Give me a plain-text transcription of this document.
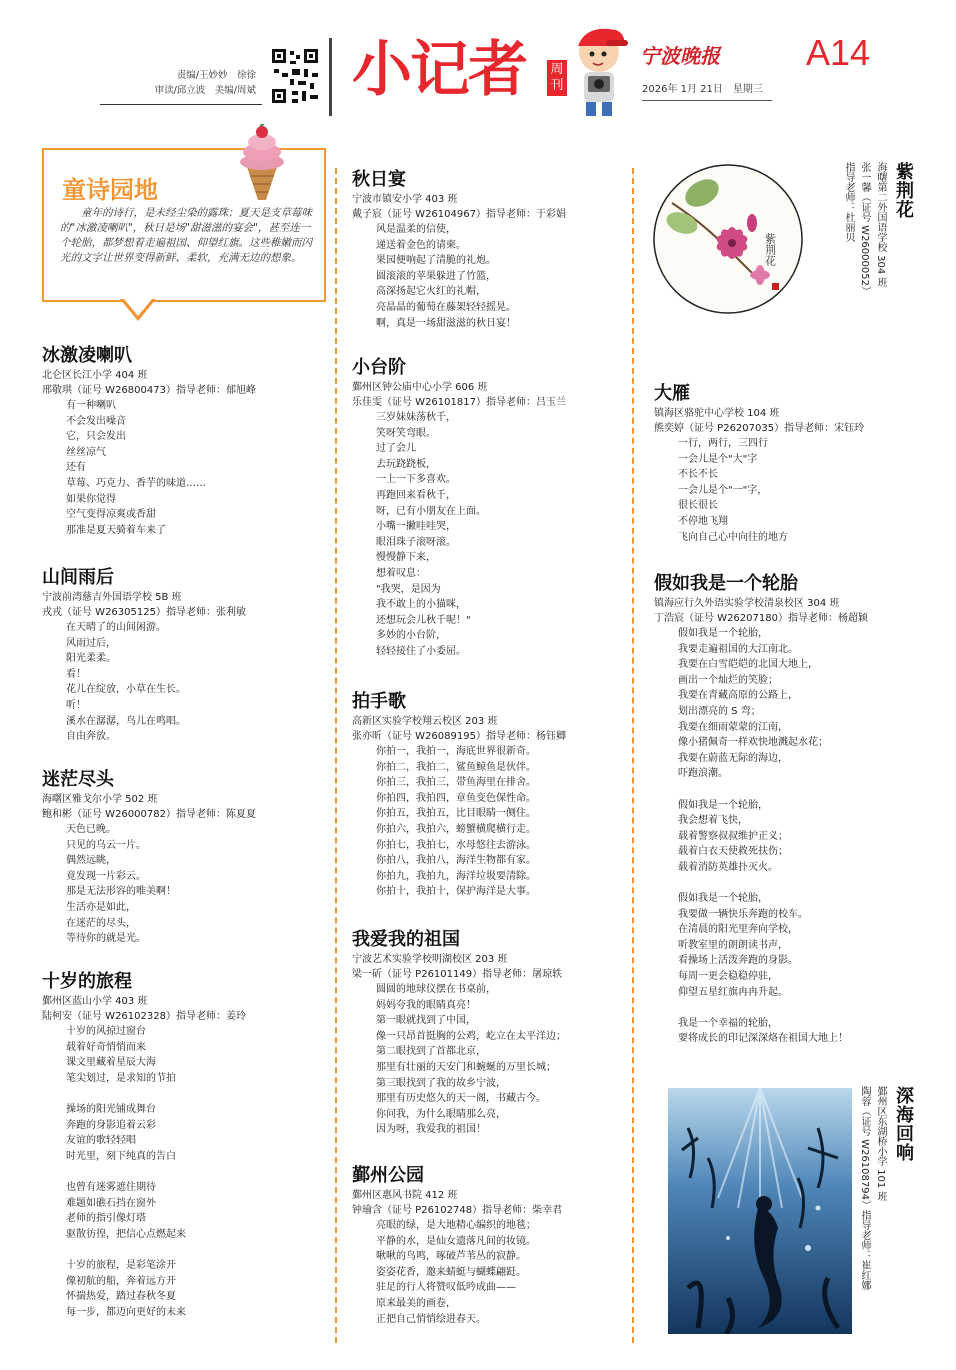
责编/王妙妙　徐徐
审读/邱立波　美编/周斌 小记者 周刊
宁波晚报 A14
2026年 1月 21日　星期三
童诗园地
童年的诗行，是未经尘染的露珠；夏天是支草莓味的"冰激凌喇叭"，秋日是场"甜滋滋的宴会"，甚至连一个轮胎，都梦想着走遍祖国、仰望红旗。这些稚嫩而闪光的文字让世界变得新鲜、柔软，充满无边的想象。
冰激凌喇叭
北仑区长江小学 404 班
邢敬琪（证号 W26800473）指导老师：郁旭峰
有一种喇叭
不会发出噪音
它，只会发出
丝丝凉气
还有
草莓、巧克力、香芋的味道……
如果你觉得
空气变得凉爽或香甜
那准是夏天骑着车来了
山间雨后
宁波前湾慈吉外国语学校 5B 班
戎戎（证号 W26305125）指导老师：张利敏
在天晴了的山间闲游。
风雨过后，
阳光柔柔。
看！
花儿在绽放，小草在生长。
听！
溪水在潺潺，鸟儿在鸣唱。
自由奔放。
迷茫尽头
海曙区雅戈尔小学 502 班
鲍和彬（证号 W26000782）指导老师：陈夏夏
天色已晚。
只见的乌云一片。
偶然远眺，
竟发现一片彩云。
那是无法形容的唯美啊！
生活亦是如此，
在迷茫的尽头，
等待你的就是光。
十岁的旅程
鄞州区蓝山小学 403 班
陆柯安（证号 W26102328）指导老师：姜玲
十岁的风掠过窗台
载着好奇悄悄而来
课文里藏着星辰大海
笔尖划过，是求知的节拍
操场的阳光铺成舞台
奔跑的身影追着云彩
友谊的歌轻轻唱
时光里，刻下纯真的告白
也曾有迷雾遮住期待
难题如礁石挡在窗外
老师的指引像灯塔
驱散彷徨，把信心点燃起来
十岁的旅程，是彩笔涂开
像初航的船，奔着远方开
怀揣热爱，踏过春秋冬夏
每一步，都迈向更好的未来
秋日宴
宁波市镇安小学 403 班
戴子宸（证号 W26104967）指导老师：于彩娟
风是温柔的信使，
递送着金色的请柬。
果园便响起了清脆的礼炮。
圆滚滚的苹果躲进了竹篮，
高深扬起它火红的礼帽，
亮晶晶的葡萄在藤架轻轻摇晃。
啊，真是一场甜滋滋的秋日宴！
小台阶
鄞州区钟公庙中心小学 606 班
乐佳雯（证号 W26101817）指导老师：吕玉兰
三岁妹妹荡秋千，
笑呀笑弯眼。
过了会儿
去玩跷跷板，
一上一下多喜欢。
再跑回来看秋千，
呀，已有小朋友在上面。
小嘴一撇哇哇哭，
眼泪珠子滚呀滚。
慢慢静下来，
想着叹息：
"我哭，是因为
我不敢上的小猫咪，
还想玩会儿秋千呢！"
多妙的小台阶，
轻轻接住了小委屈。
拍手歌
高新区实验学校翔云校区 203 班
张亦昕（证号 W26089195）指导老师：杨钰卿
你拍一，我拍一，海底世界很新奇。
你拍二，我拍二，鲨鱼鲸鱼是伙伴。
你拍三，我拍三，带鱼海里在排舍。
你拍四，我拍四，章鱼变色保性命。
你拍五，我拍五，比目眼睛一侧住。
你拍六，我拍六，螃蟹横爬横行走。
你拍七，我拍七，水母悠往去游泳。
你拍八，我拍八，海洋生物都有家。
你拍九，我拍九，海洋垃圾要清除。
你拍十，我拍十，保护海洋是大事。
我爱我的祖国
宁波艺术实验学校明湖校区 203 班
梁一斫（证号 P26101149）指导老师：屠琼轶
圆圆的地球仪摆在书桌前，
妈妈夸我的眼睛真亮！
第一眼就找到了中国，
像一只昂首挺胸的公鸡，屹立在太平洋边；
第二眼找到了首都北京，
那里有壮丽的天安门和蜿蜒的万里长城；
第三眼找到了我的故乡宁波，
那里有历史悠久的天一阁，书藏古今。
你问我，为什么眼睛那么亮，
因为呀，我爱我的祖国！
鄞州公园
鄞州区惠风书院 412 班
钟瑜含（证号 P26102748）指导老师：柴幸君
亮眼的绿，是大地精心编织的地毯；
平静的水，是仙女遗落凡间的妆镜。
啾啾的鸟鸣，啄破芦苇丛的寂静。
姿姿花香，邀来蜻蜓与蝴蝶翩跹。
驻足的行人将赞叹低吟成曲——
原来最美的画卷，
正把自己悄悄绘进春天。
大雁
镇海区骆驼中心学校 104 班
熊奕婷（证号 P26207035）指导老师：宋钰玲
一行，两行，三四行
一会儿是个"大"字
不长不长
一会儿是个"一"字，
很长很长
不停地飞翔
飞向自己心中向往的地方
假如我是一个轮胎
镇海应行久外语实验学校清泉校区 304 班
丁浩宸（证号 W26207180）指导老师：杨超颖
假如我是一个轮胎，
我要走遍祖国的大江南北。
我要在白雪皑皑的北国大地上，
画出一个灿烂的笑脸；
我要在青藏高原的公路上，
划出漂亮的 S 弯；
我要在细雨蒙蒙的江南，
像小猪佩奇一样欢快地溅起水花；
我要在蔚蓝无际的海边，
吓跑浪潮。
假如我是一个轮胎，
我会想着飞快，
载着警察叔叔维护正义；
载着白衣天使救死扶伤；
载着消防英雄扑灭火。
假如我是一个轮胎，
我要做一辆快乐奔跑的校车。
在清晨的阳光里奔向学校，
听教室里的朗朗读书声，
看操场上活泼奔跑的身影。
每周一更会稳稳停驻，
仰望五星红旗冉冉升起。
我是一个幸福的轮胎，
要将成长的印记深深烙在祖国大地上！
紫荆花
紫荆花
海曙第二外国语学校 304 班
张一馨（证号 W26000052）
指导老师：杜丽贝
深海回响
鄞州区东湖桥小学 101 班
陶蓉（证号 W26108794）指导老师：崔红娜
